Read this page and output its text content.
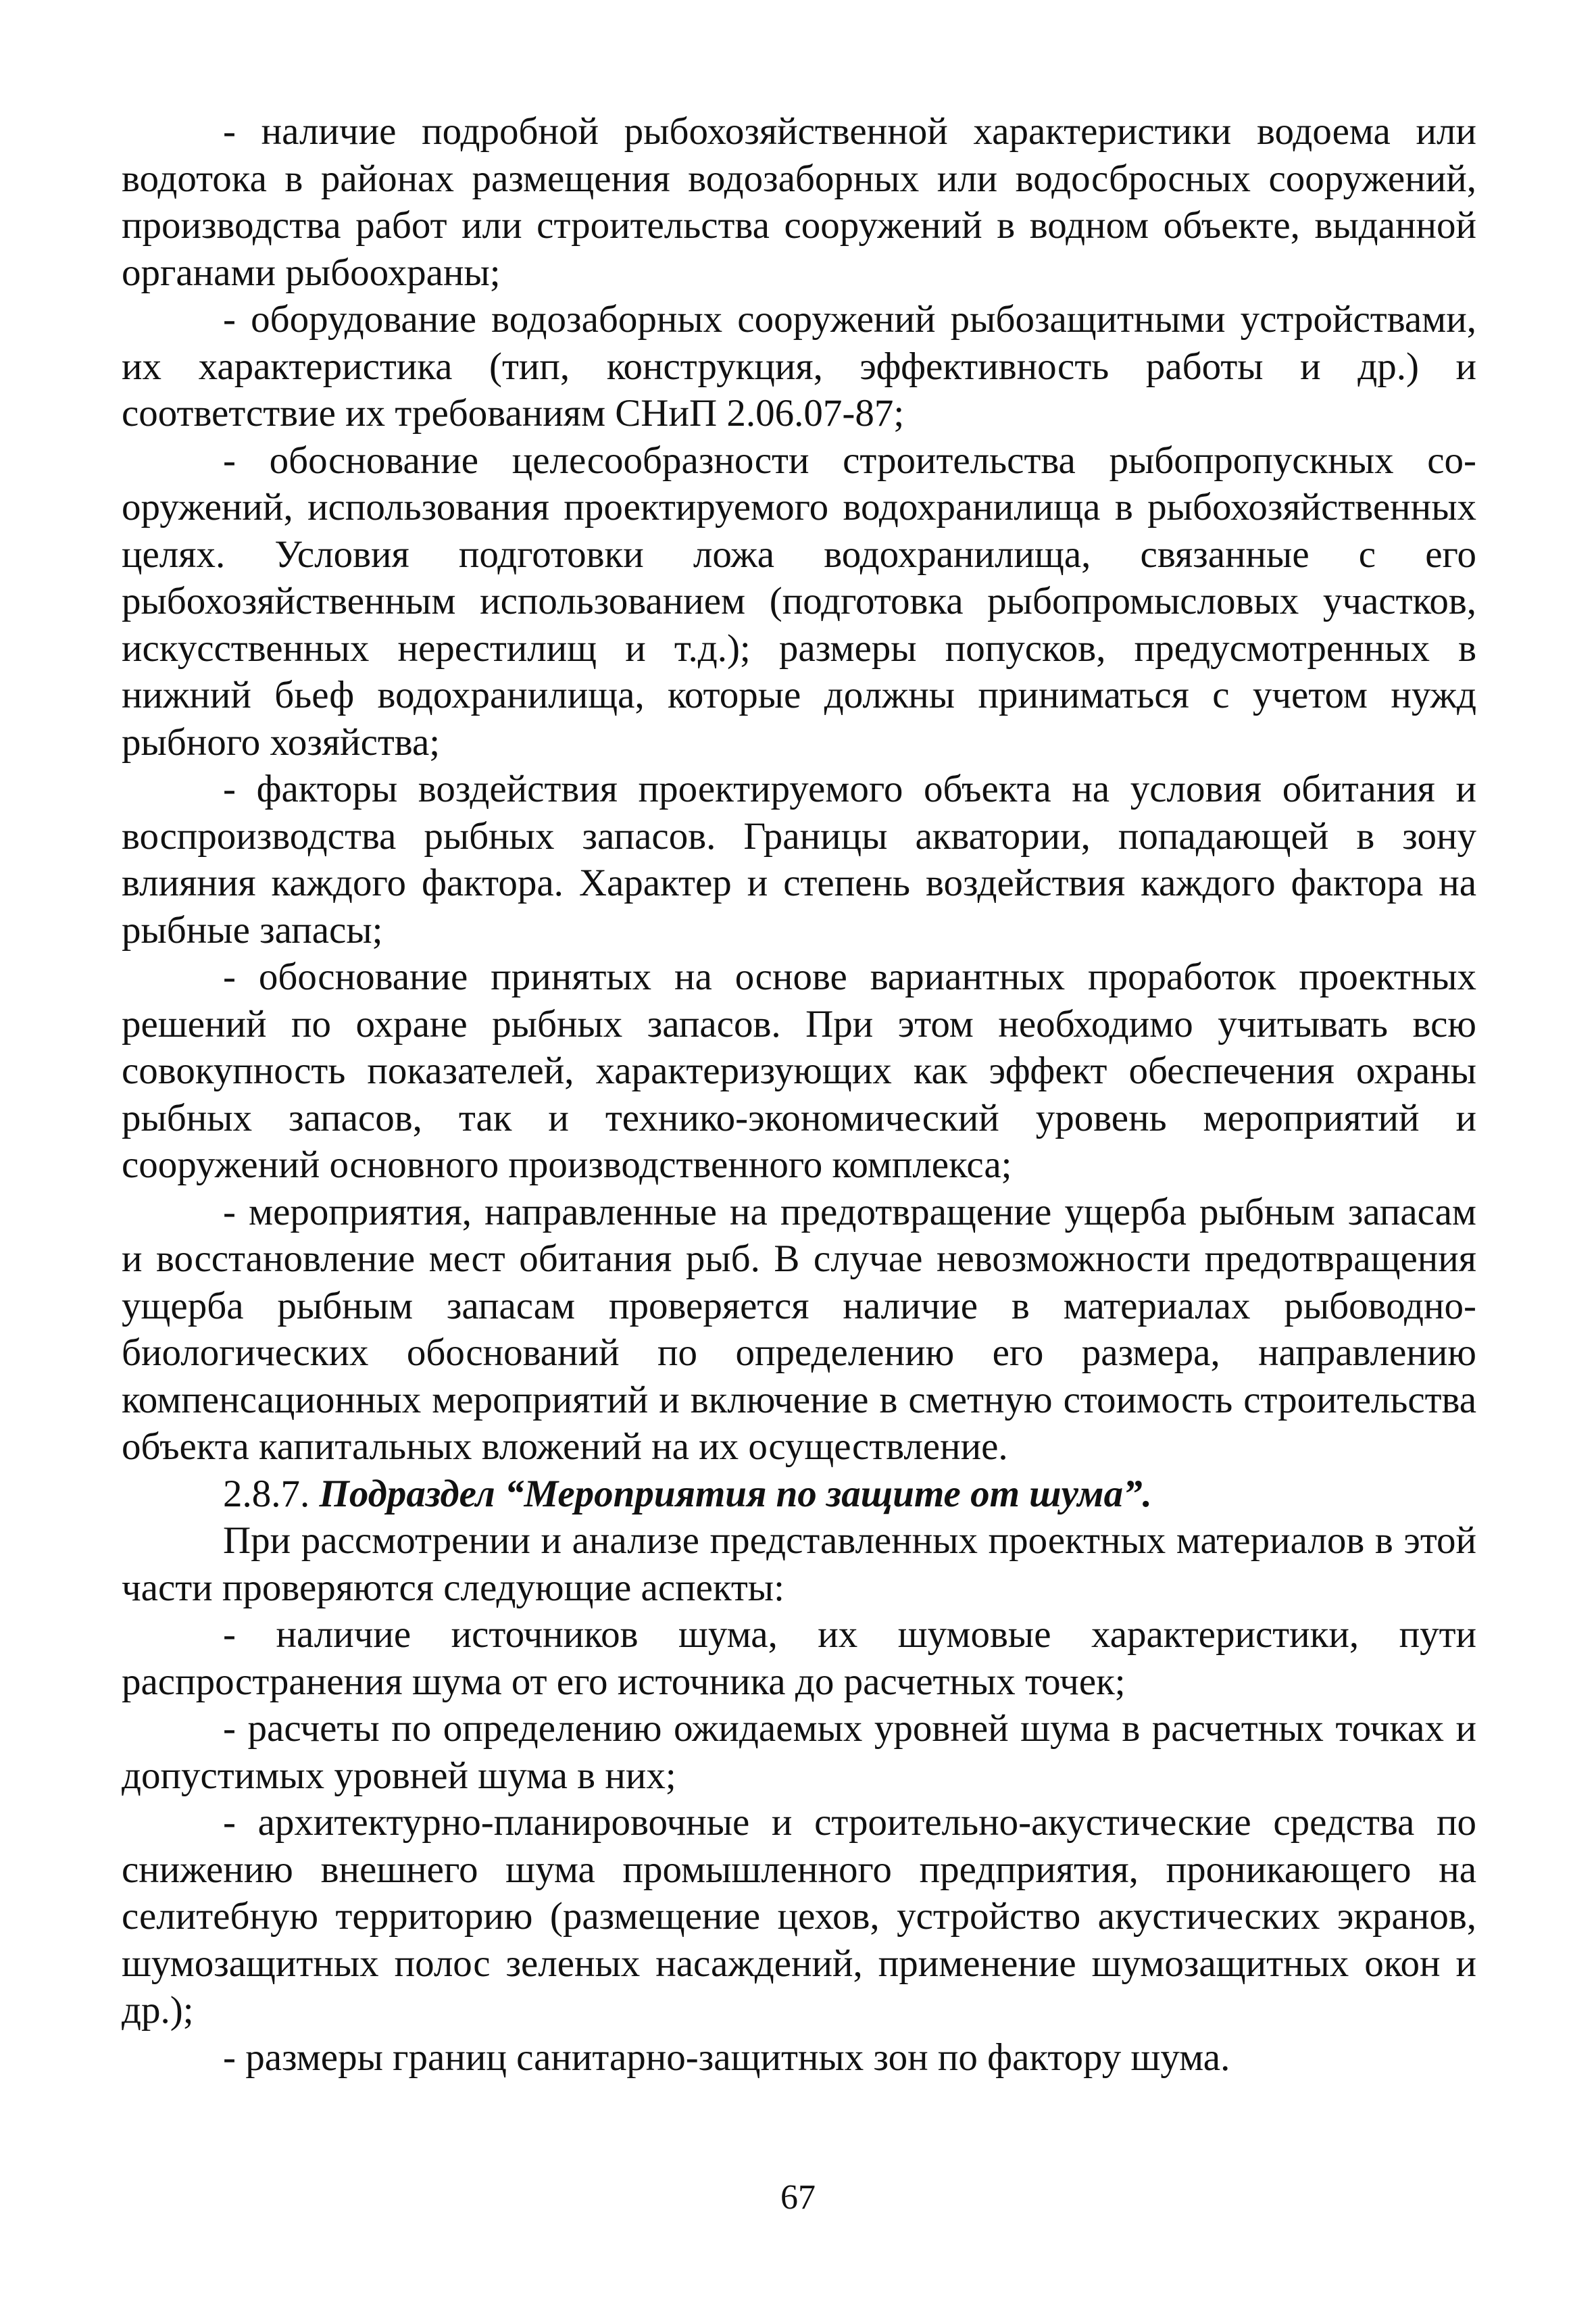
- наличие подробной рыбохозяйственной характеристики водоема или водотока в районах размещения водозаборных или водосбросных сооружений, производства работ или строительства сооружений в водном объекте, выданной органами рыбоохраны;

- оборудование водозаборных сооружений рыбозащитными устройствами, их характеристика (тип, конструкция, эффективность работы и др.) и соответствие их требованиям СНиП 2.06.07-87;

- обоснование целесообразности строительства рыбопропускных сооружений, использования проектируемого водохранилища в рыбохозяйственных целях. Условия подготовки ложа водохранилища, связанные с его рыбохозяйственным использованием (подготовка рыбопромысловых участков, искусственных нерестилищ и т.д.); размеры попусков, предусмотренных в нижний бьеф водохранилища, которые должны приниматься с учетом нужд рыбного хозяйства;

- факторы воздействия проектируемого объекта на условия обитания и воспроизводства рыбных запасов. Границы акватории, попадающей в зону влияния каждого фактора. Характер и степень воздействия каждого фактора на рыбные запасы;

- обоснование принятых на основе вариантных проработок проектных решений по охране рыбных запасов. При этом необходимо учитывать всю совокупность показателей, характеризующих как эффект обеспечения охраны рыбных запасов, так и технико-экономический уровень мероприятий и сооружений основного производственного комплекса;

- мероприятия, направленные на предотвращение ущерба рыбным запасам и восстановление мест обитания рыб. В случае невозможности предотвращения ущерба рыбным запасам проверяется наличие в материалах рыбоводно-биологических обоснований по определению его размера, направлению компенсационных мероприятий и включение в сметную стоимость строительства объекта капитальных вложений на их осуществление.

2.8.7. Подраздел “Мероприятия по защите от шума”.

При рассмотрении и анализе представленных проектных материалов в этой части проверяются следующие аспекты:

- наличие источников шума, их шумовые характеристики, пути распространения шума от его источника до расчетных точек;

- расчеты по определению ожидаемых уровней шума в расчетных точках и допустимых уровней шума в них;

- архитектурно-планировочные и строительно-акустические средства по снижению внешнего шума промышленного предприятия, проникающего на селитебную территорию (размещение цехов, устройство акустических экранов, шумозащитных полос зеленых насаждений, применение шумозащитных окон и др.);

- размеры границ санитарно-защитных зон по фактору шума.

67
